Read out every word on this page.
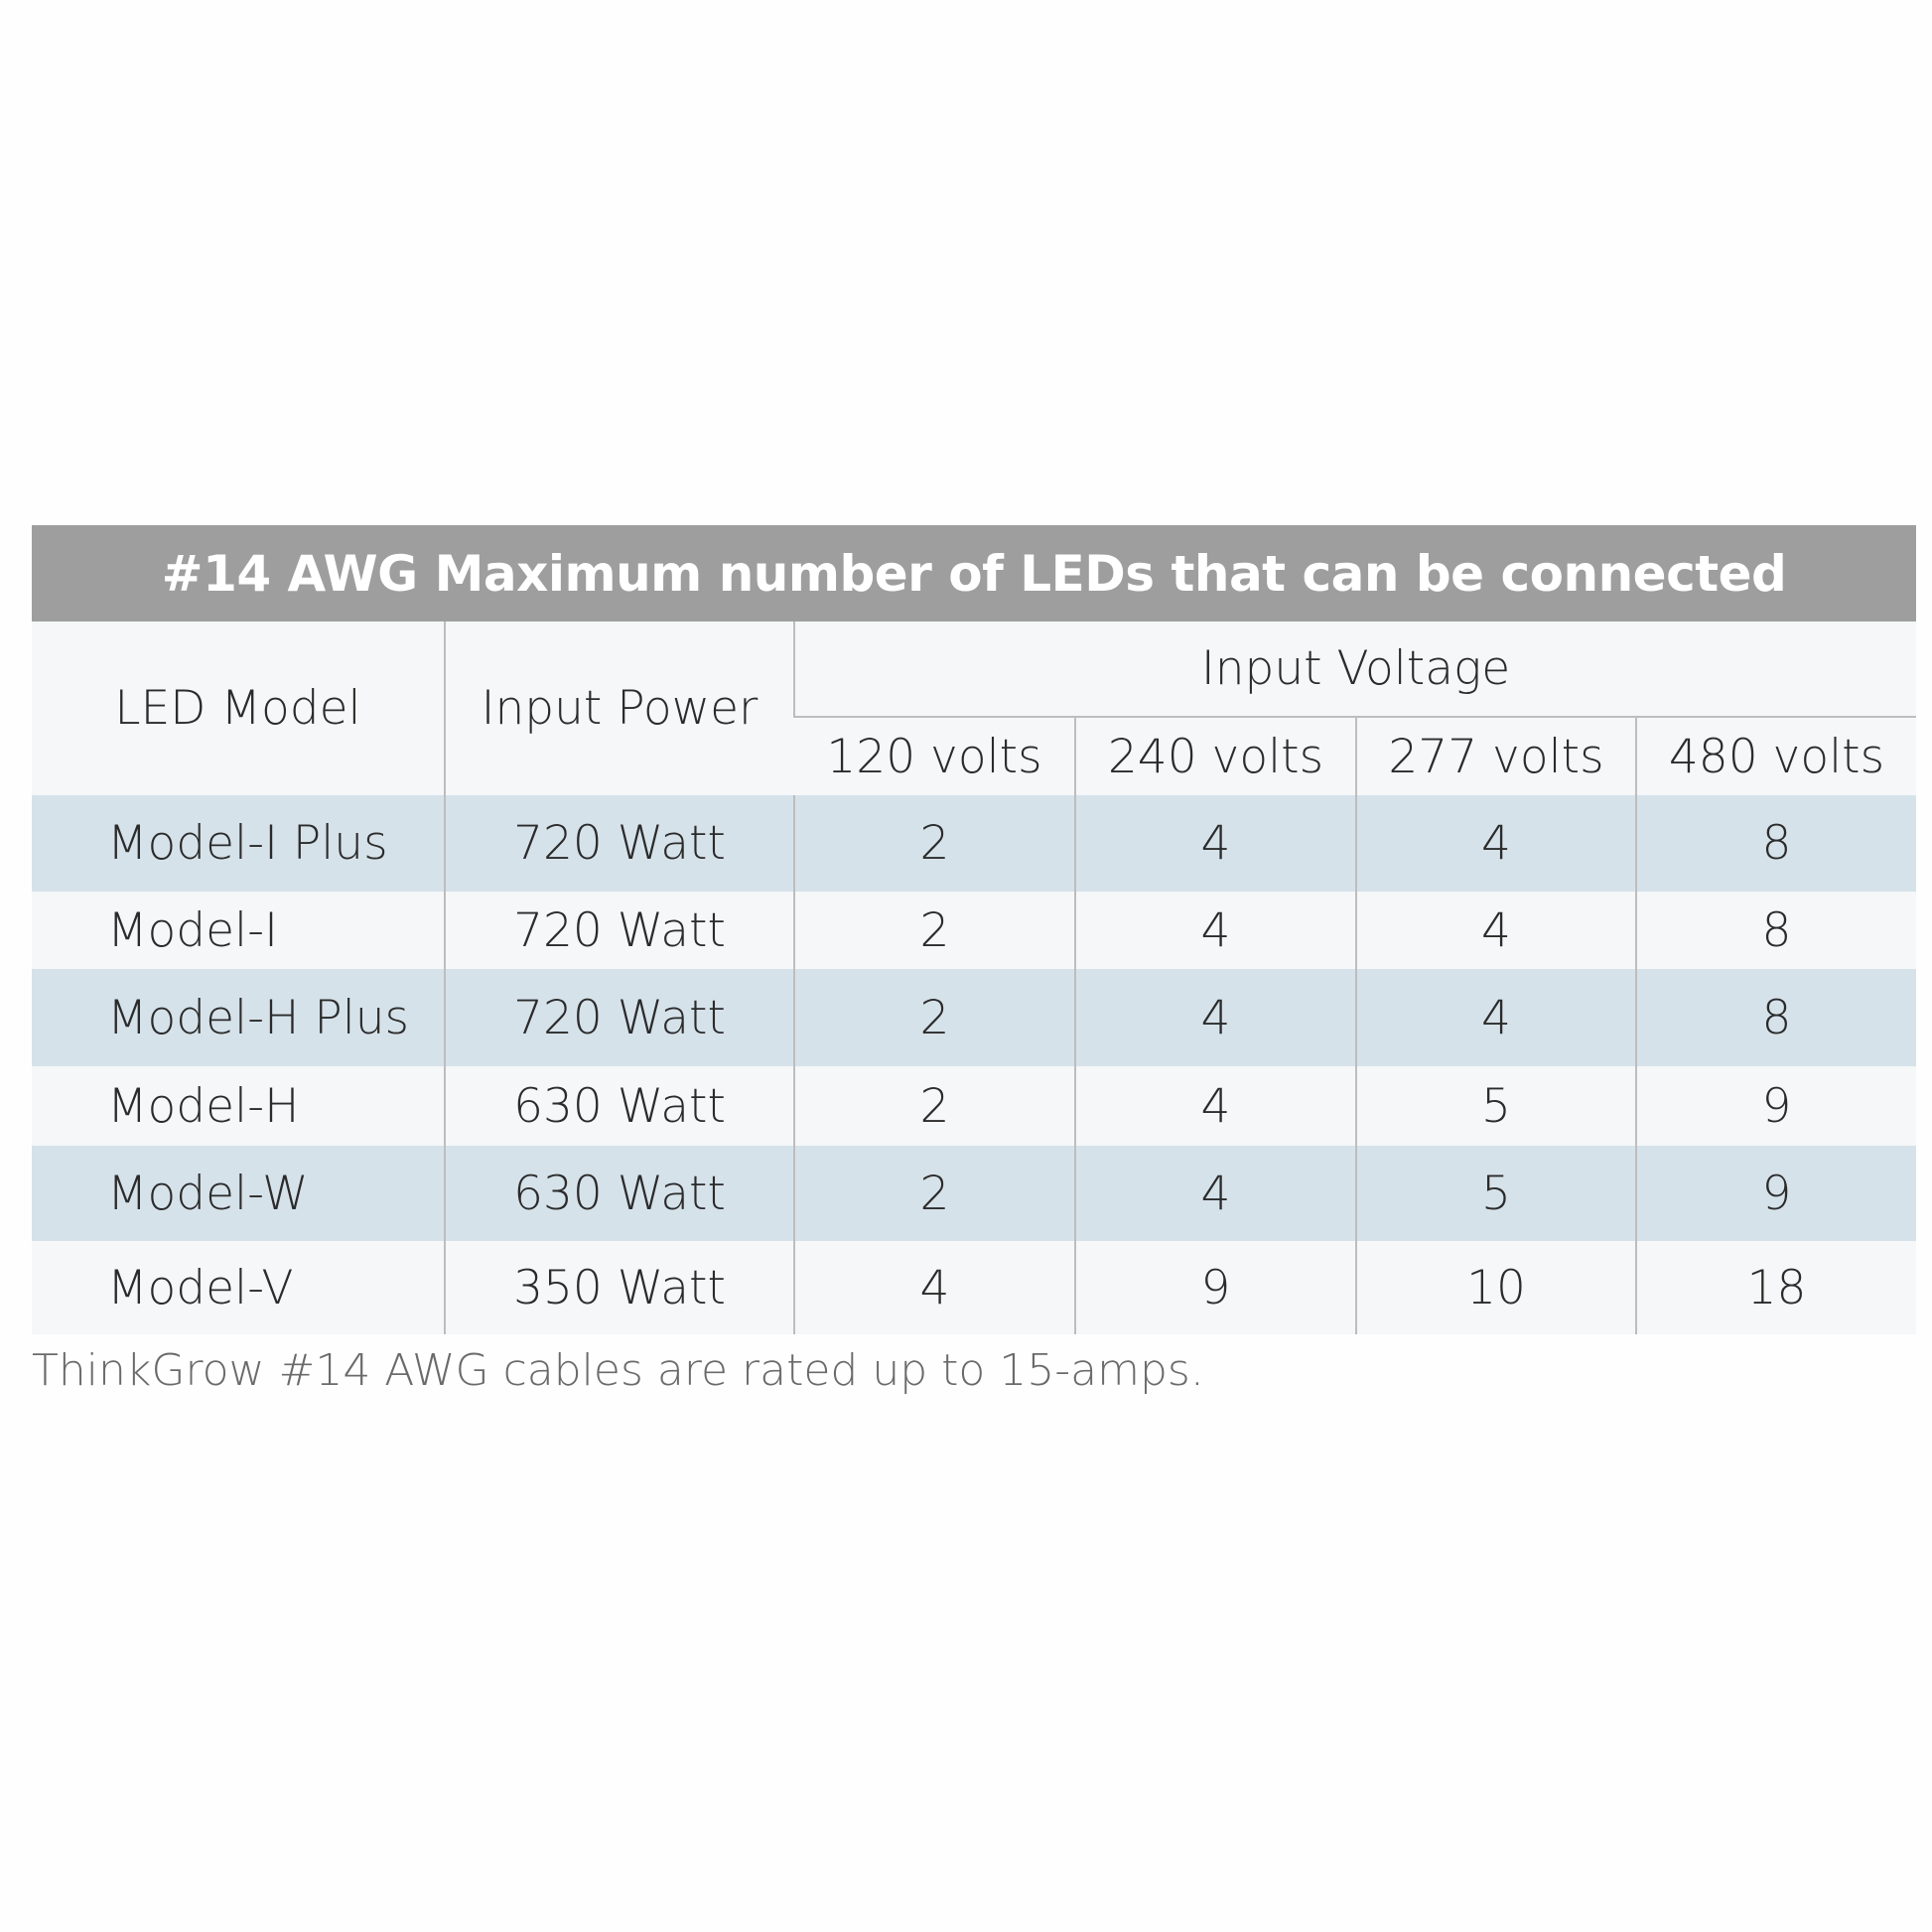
#14 AWG Maximum number of LEDs that can be connected
LED Model	Input Power	Input Voltage			
		120 volts	240 volts	277 volts	480 volts
Model-I Plus	720 Watt	2	4	4	8
Model-I	720 Watt	2	4	4	8
Model-H Plus	720 Watt	2	4	4	8
Model-H	630 Watt	2	4	5	9
Model-W	630 Watt	2	4	5	9
Model-V	350 Watt	4	9	10	18
ThinkGrow #14 AWG cables are rated up to 15-amps.
